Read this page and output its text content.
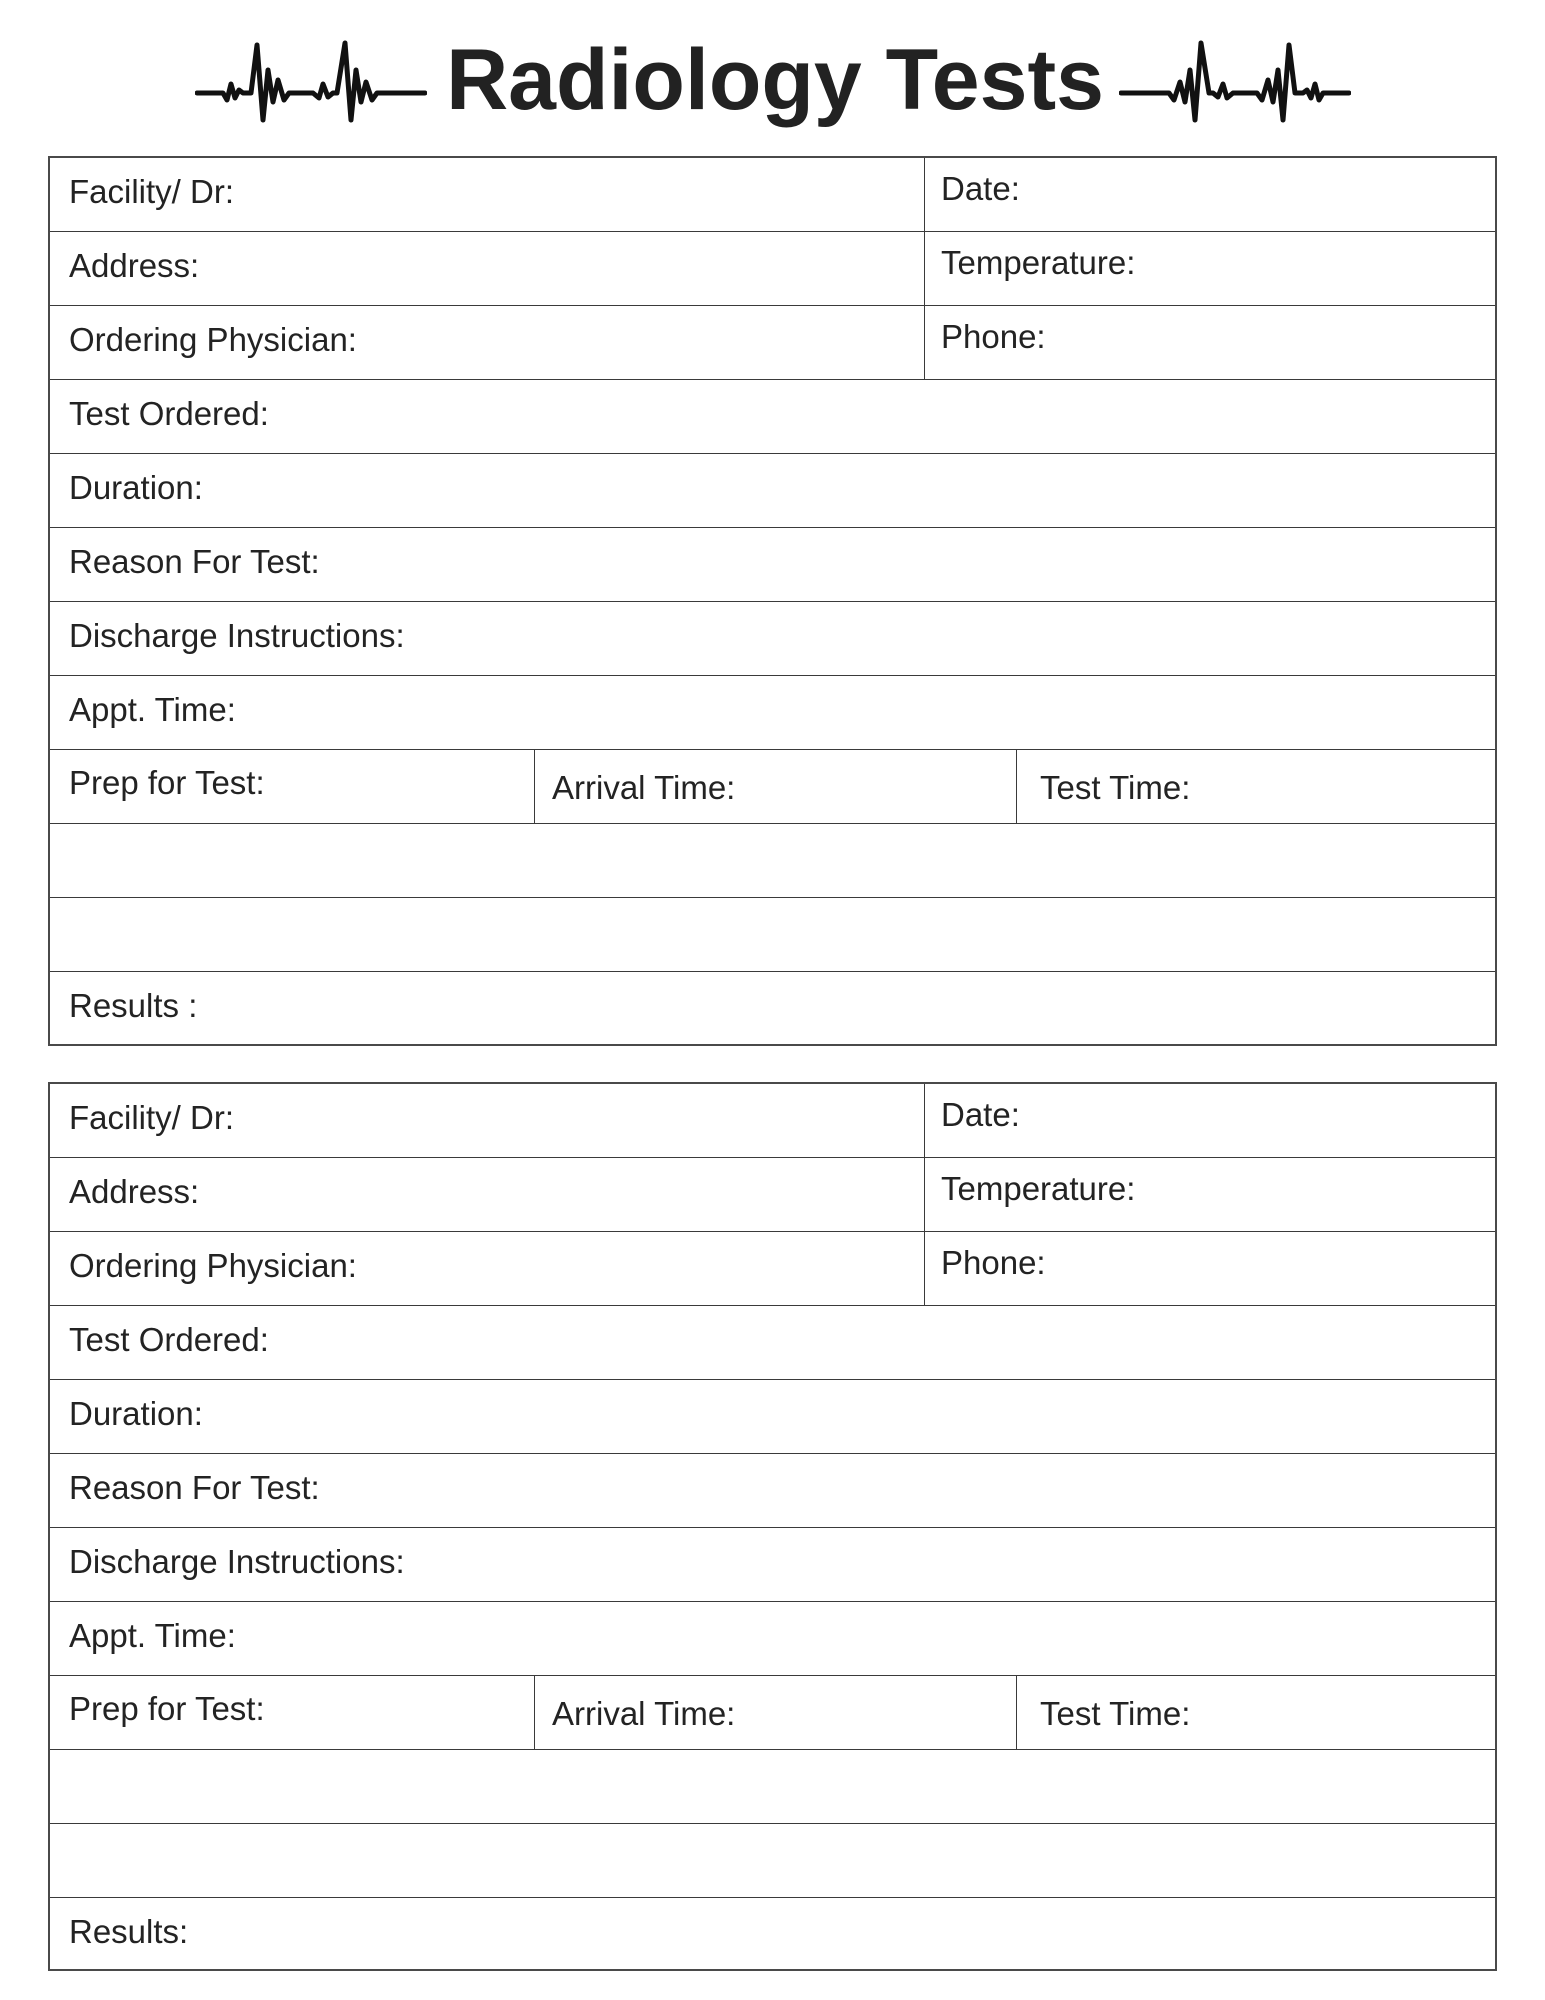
Radiology Tests
Facility/ Dr:	Date:
Address:	Temperature:
Ordering Physician:	Phone:
Test Ordered:
Duration:
Reason For Test:
Discharge Instructions:
Appt. Time:
Prep for Test:	Arrival Time:	Test Time:
Results :
Facility/ Dr:	Date:
Address:	Temperature:
Ordering Physician:	Phone:
Test Ordered:
Duration:
Reason For Test:
Discharge Instructions:
Appt. Time:
Prep for Test:	Arrival Time:	Test Time:
Results:
